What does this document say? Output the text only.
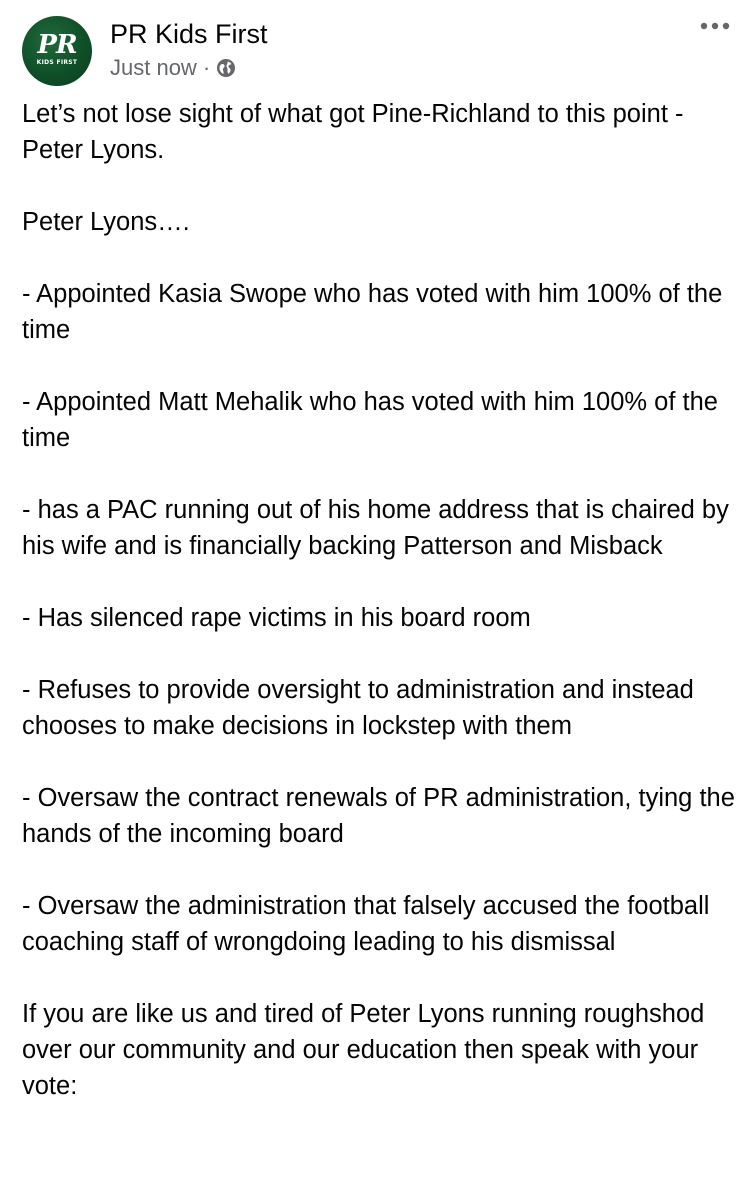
PR
KIDS FIRST
PR Kids First
Just now ·

Let’s not lose sight of what got Pine-Richland to this point - Peter Lyons.

Peter Lyons….

- Appointed Kasia Swope who has voted with him 100% of the time

- Appointed Matt Mehalik who has voted with him 100% of the time

- has a PAC running out of his home address that is chaired by his wife and is financially backing Patterson and Misback

- Has silenced rape victims in his board room

- Refuses to provide oversight to administration and instead chooses to make decisions in lockstep with them

- Oversaw the contract renewals of PR administration, tying the hands of the incoming board

- Oversaw the administration that falsely accused the football coaching staff of wrongdoing leading to his dismissal

If you are like us and tired of Peter Lyons running roughshod over our community and our education then speak with your vote:
